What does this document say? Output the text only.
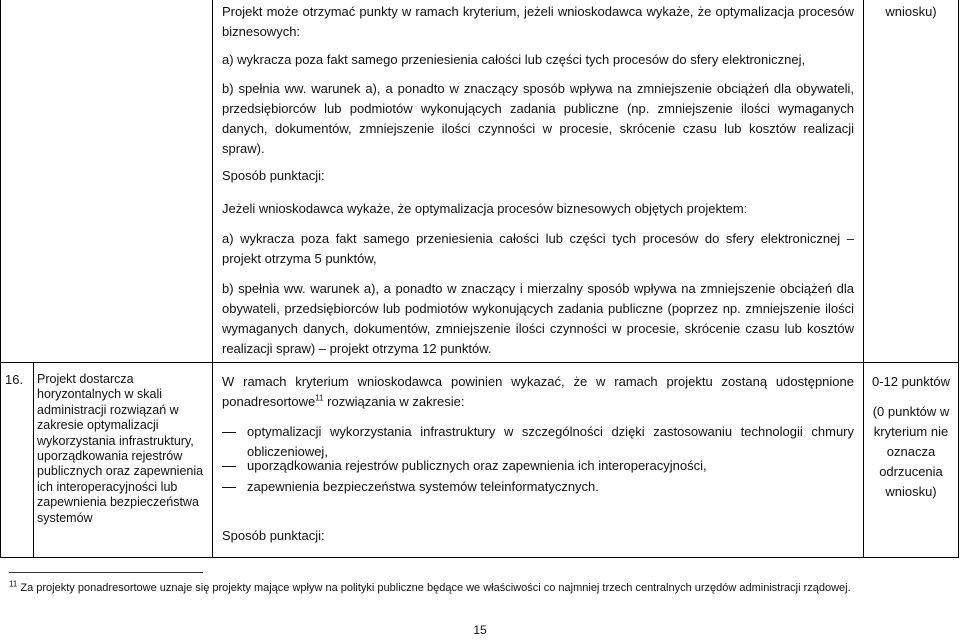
Projekt może otrzymać punkty w ramach kryterium, jeżeli wnioskodawca wykaże, że optymalizacja procesów biznesowych:
a) wykracza poza fakt samego przeniesienia całości lub części tych procesów do sfery elektronicznej,
b) spełnia ww. warunek a), a ponadto w znaczący sposób wpływa na zmniejszenie obciążeń dla obywateli, przedsiębiorców lub podmiotów wykonujących zadania publiczne (np. zmniejszenie ilości wymaganych danych, dokumentów, zmniejszenie ilości czynności w procesie, skrócenie czasu lub kosztów realizacji spraw).
Sposób punktacji:
Jeżeli wnioskodawca wykaże, że optymalizacja procesów biznesowych objętych projektem:
a) wykracza poza fakt samego przeniesienia całości lub części tych procesów do sfery elektronicznej – projekt otrzyma 5 punktów,
b) spełnia ww. warunek a), a ponadto w znaczący i mierzalny sposób wpływa na zmniejszenie obciążeń dla obywateli, przedsiębiorców lub podmiotów wykonujących zadania publiczne (poprzez np. zmniejszenie ilości wymaganych danych, dokumentów, zmniejszenie ilości czynności w procesie, skrócenie czasu lub kosztów realizacji spraw) – projekt otrzyma 12 punktów.
wniosku)
16.	Projekt dostarcza horyzontalnych w skali administracji rozwiązań w zakresie optymalizacji wykorzystania infrastruktury, uporządkowania rejestrów publicznych oraz zapewnienia ich interoperacyjności lub zapewnienia bezpieczeństwa systemów
W ramach kryterium wnioskodawca powinien wykazać, że w ramach projektu zostaną udostępnione ponadresortowe$^{11}$ rozwiązania w zakresie:
optymalizacji wykorzystania infrastruktury w szczególności dzięki zastosowaniu technologii chmury obliczeniowej,
uporządkowania rejestrów publicznych oraz zapewnienia ich interoperacyjności,
zapewnienia bezpieczeństwa systemów teleinformatycznych.
Sposób punktacji:
0-12 punktów
(0 punktów w kryterium nie oznacza odrzucenia wniosku)
$^{11}$ Za projekty ponadresortowe uznaje się projekty mające wpływ na polityki publiczne będące we właściwości co najmniej trzech centralnych urzędów administracji rządowej.
15
